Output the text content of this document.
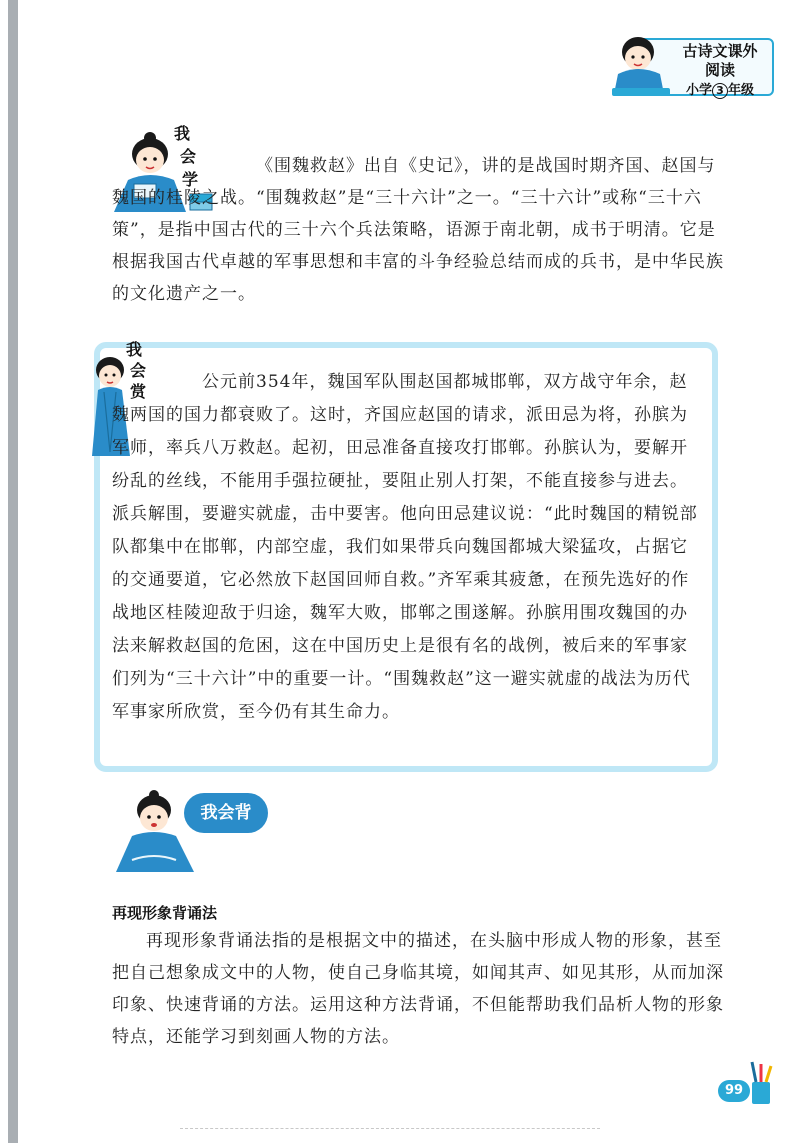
古诗文课外
阅读
小学 3 年级
我
会
学

《围魏救赵》出自《史记》，讲的是战国时期齐国、赵国与魏国的桂陵之战。“围魏救赵”是“三十六计”之一。“三十六计”或称“三十六策”，是指中国古代的三十六个兵法策略，语源于南北朝，成书于明清。它是根据我国古代卓越的军事思想和丰富的斗争经验总结而成的兵书，是中华民族的文化遗产之一。

我
会
赏	公元前354年，魏国军队围赵国都城邯郸，双方战守年余，赵魏两国的国力都衰败了。这时，齐国应赵国的请求，派田忌为将，孙膑为军师，率兵八万救赵。起初，田忌准备直接攻打邯郸。孙膑认为，要解开纷乱的丝线，不能用手强拉硬扯，要阻止别人打架，不能直接参与进去。派兵解围，要避实就虚，击中要害。他向田忌建议说：“此时魏国的精锐部队都集中在邯郸，内部空虚，我们如果带兵向魏国都城大梁猛攻，占据它的交通要道，它必然放下赵国回师自救。”齐军乘其疲惫，在预先选好的作战地区桂陵迎敌于归途，魏军大败，邯郸之围遂解。孙膑用围攻魏国的办法来解救赵国的危困，这在中国历史上是很有名的战例，被后来的军事家们列为“三十六计”中的重要一计。“围魏救赵”这一避实就虚的战法为历代军事家所欣赏，至今仍有其生命力。

我会背
再现形象背诵法

再现形象背诵法指的是根据文中的描述，在头脑中形成人物的形象，甚至把自己想象成文中的人物，使自己身临其境，如闻其声、如见其形，从而加深印象、快速背诵的方法。运用这种方法背诵，不但能帮助我们品析人物的形象特点，还能学习到刻画人物的方法。

99
